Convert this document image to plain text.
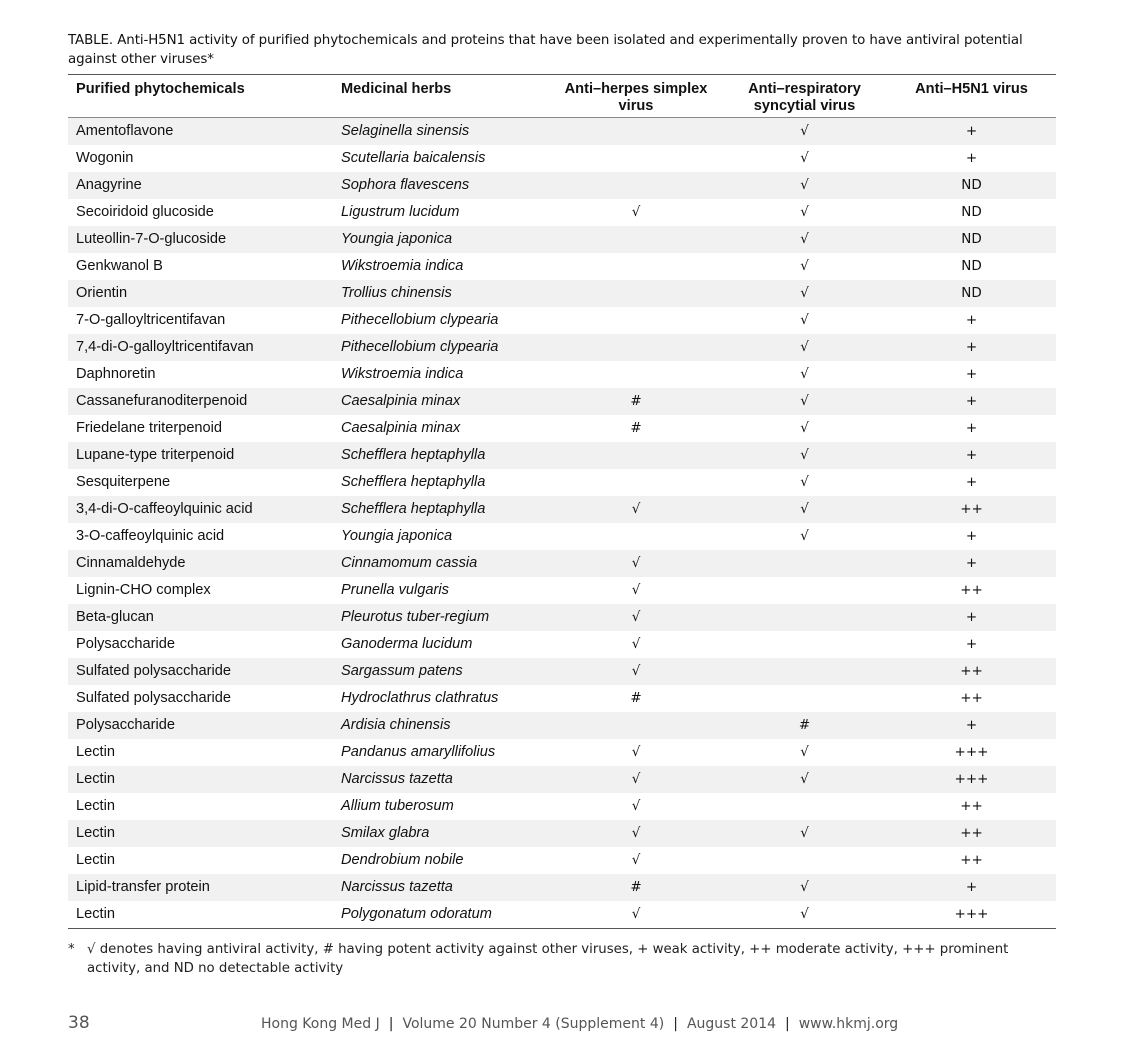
TABLE. Anti-H5N1 activity of purified phytochemicals and proteins that have been isolated and experimentally proven to have antiviral potential against other viruses*
Purified phytochemicals	Medicinal herbs	Anti–herpes simplex virus	Anti–respiratory syncytial virus	Anti–H5N1 virus
Amentoflavone	Selaginella sinensis		√	+
Wogonin	Scutellaria baicalensis		√	+
Anagyrine	Sophora flavescens		√	ND
Secoiridoid glucoside	Ligustrum lucidum	√	√	ND
Luteollin-7-O-glucoside	Youngia japonica		√	ND
Genkwanol B	Wikstroemia indica		√	ND
Orientin	Trollius chinensis		√	ND
7-O-galloyltricentifavan	Pithecellobium clypearia		√	+
7,4-di-O-galloyltricentifavan	Pithecellobium clypearia		√	+
Daphnoretin	Wikstroemia indica		√	+
Cassanefuranoditerpenoid	Caesalpinia minax	#	√	+
Friedelane triterpenoid	Caesalpinia minax	#	√	+
Lupane-type triterpenoid	Schefflera heptaphylla		√	+
Sesquiterpene	Schefflera heptaphylla		√	+
3,4-di-O-caffeoylquinic acid	Schefflera heptaphylla	√	√	++
3-O-caffeoylquinic acid	Youngia japonica		√	+
Cinnamaldehyde	Cinnamomum cassia	√		+
Lignin-CHO complex	Prunella vulgaris	√		++
Beta-glucan	Pleurotus tuber-regium	√		+
Polysaccharide	Ganoderma lucidum	√		+
Sulfated polysaccharide	Sargassum patens	√		++
Sulfated polysaccharide	Hydroclathrus clathratus	#		++
Polysaccharide	Ardisia chinensis		#	+
Lectin	Pandanus amaryllifolius	√	√	+++
Lectin	Narcissus tazetta	√	√	+++
Lectin	Allium tuberosum	√		++
Lectin	Smilax glabra	√	√	++
Lectin	Dendrobium nobile	√		++
Lipid-transfer protein	Narcissus tazetta	#	√	+
Lectin	Polygonatum odoratum	√	√	+++
* √ denotes having antiviral activity, # having potent activity against other viruses, + weak activity, ++ moderate activity, +++ prominent activity, and ND no detectable activity
38	Hong Kong Med J | Volume 20 Number 4 (Supplement 4) | August 2014 | www.hkmj.org
